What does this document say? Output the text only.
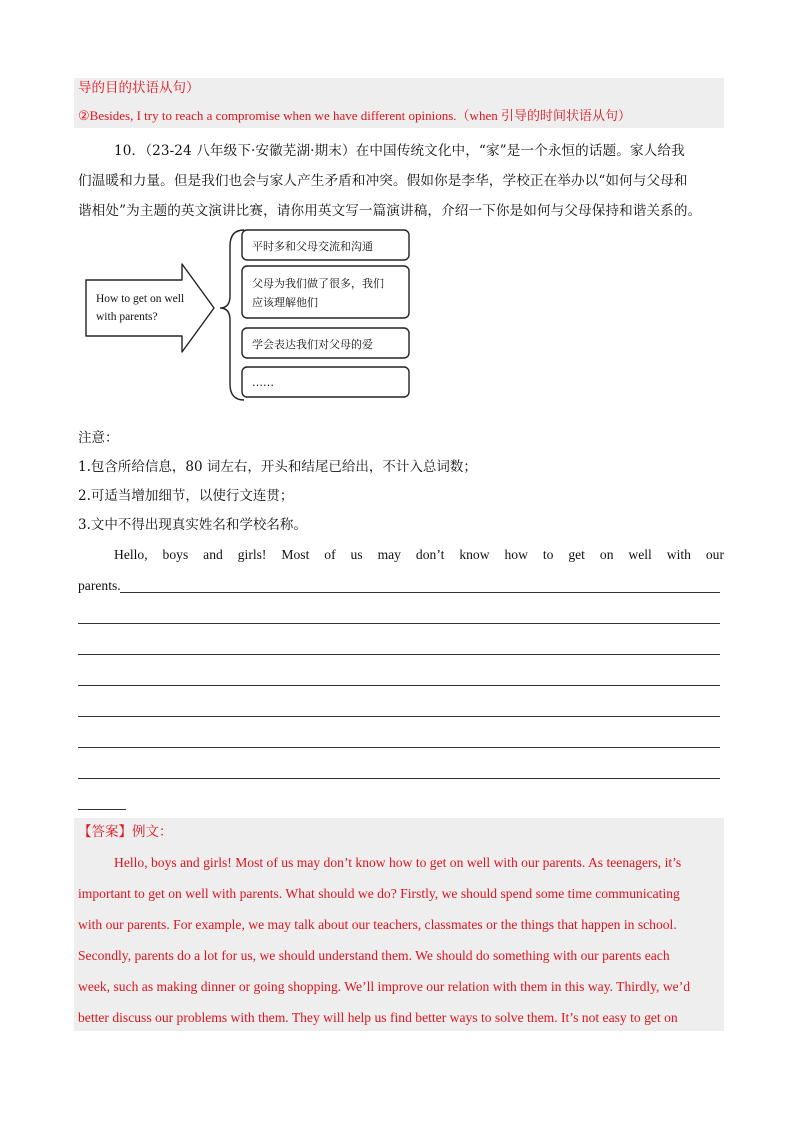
导的目的状语从句）
②Besides, I try to reach a compromise when we have different opinions.（when 引导的时间状语从句）
10．（23-24 八年级下·安徽芜湖·期末）在中国传统文化中，“家”是一个永恒的话题。家人给我
们温暖和力量。但是我们也会与家人产生矛盾和冲突。假如你是李华，学校正在举办以“如何与父母和
谐相处”为主题的英文演讲比赛，请你用英文写一篇演讲稿，介绍一下你是如何与父母保持和谐关系的。
How to get on well
with parents?
平时多和父母交流和沟通
父母为我们做了很多，我们
应该理解他们
学会表达我们对父母的爱
……
注意：
1.包含所给信息，80 词左右，开头和结尾已给出，不计入总词数；
2.可适当增加细节，以使行文连贯；
3.文中不得出现真实姓名和学校名称。
Hello, boys and girls! Most of us may don’t know how to get on well with our
parents.
【答案】例文：
Hello, boys and girls! Most of us may don’t know how to get on well with our parents. As teenagers, it’s
important to get on well with parents. What should we do? Firstly, we should spend some time communicating
with our parents. For example, we may talk about our teachers, classmates or the things that happen in school.
Secondly, parents do a lot for us, we should understand them. We should do something with our parents each
week, such as making dinner or going shopping. We’ll improve our relation with them in this way. Thirdly, we’d
better discuss our problems with them. They will help us find better ways to solve them. It’s not easy to get on
